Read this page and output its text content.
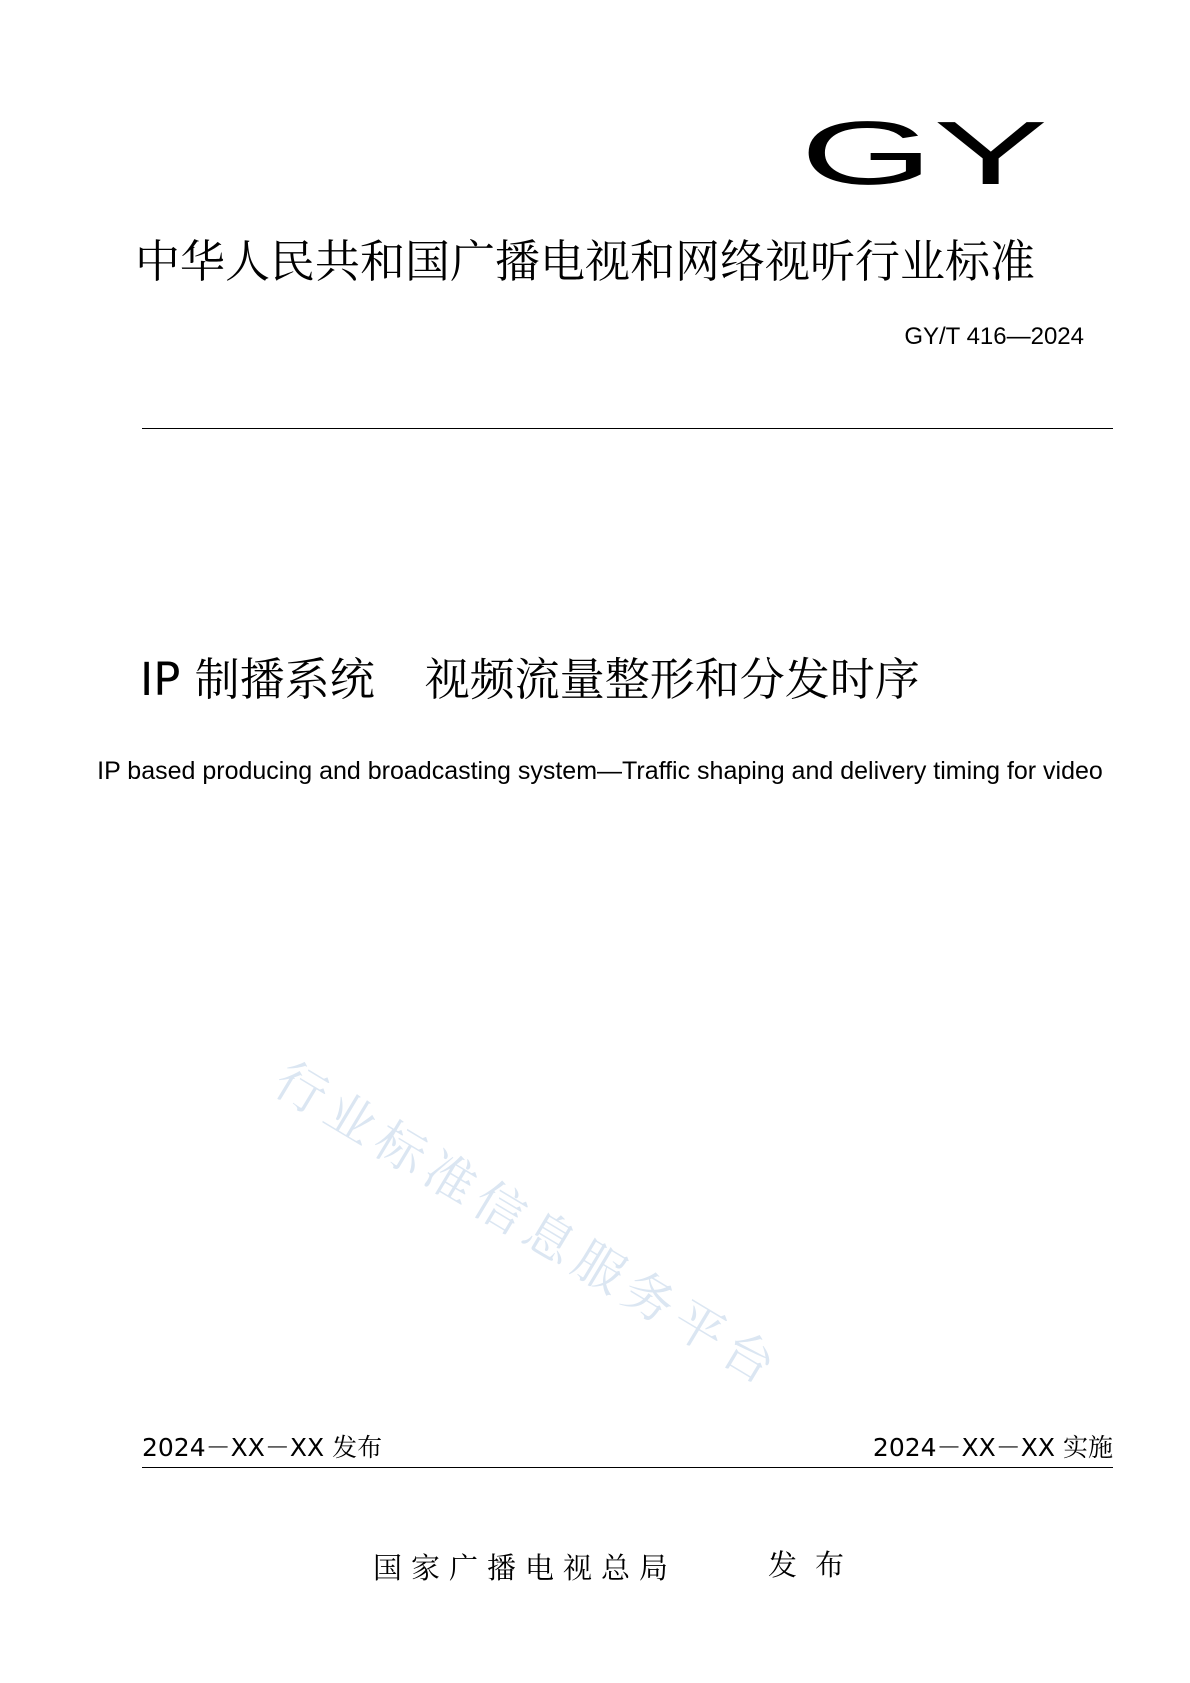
GY
中华人民共和国广播电视和网络视听行业标准
GY/T 416—2024
IP 制播系统 视频流量整形和分发时序

IP based producing and broadcasting system—Traffic shaping and delivery timing for video

行业标准信息服务平台
2024－XX－XX 发布	2024－XX－XX 实施
国家广播电视总局	发布
